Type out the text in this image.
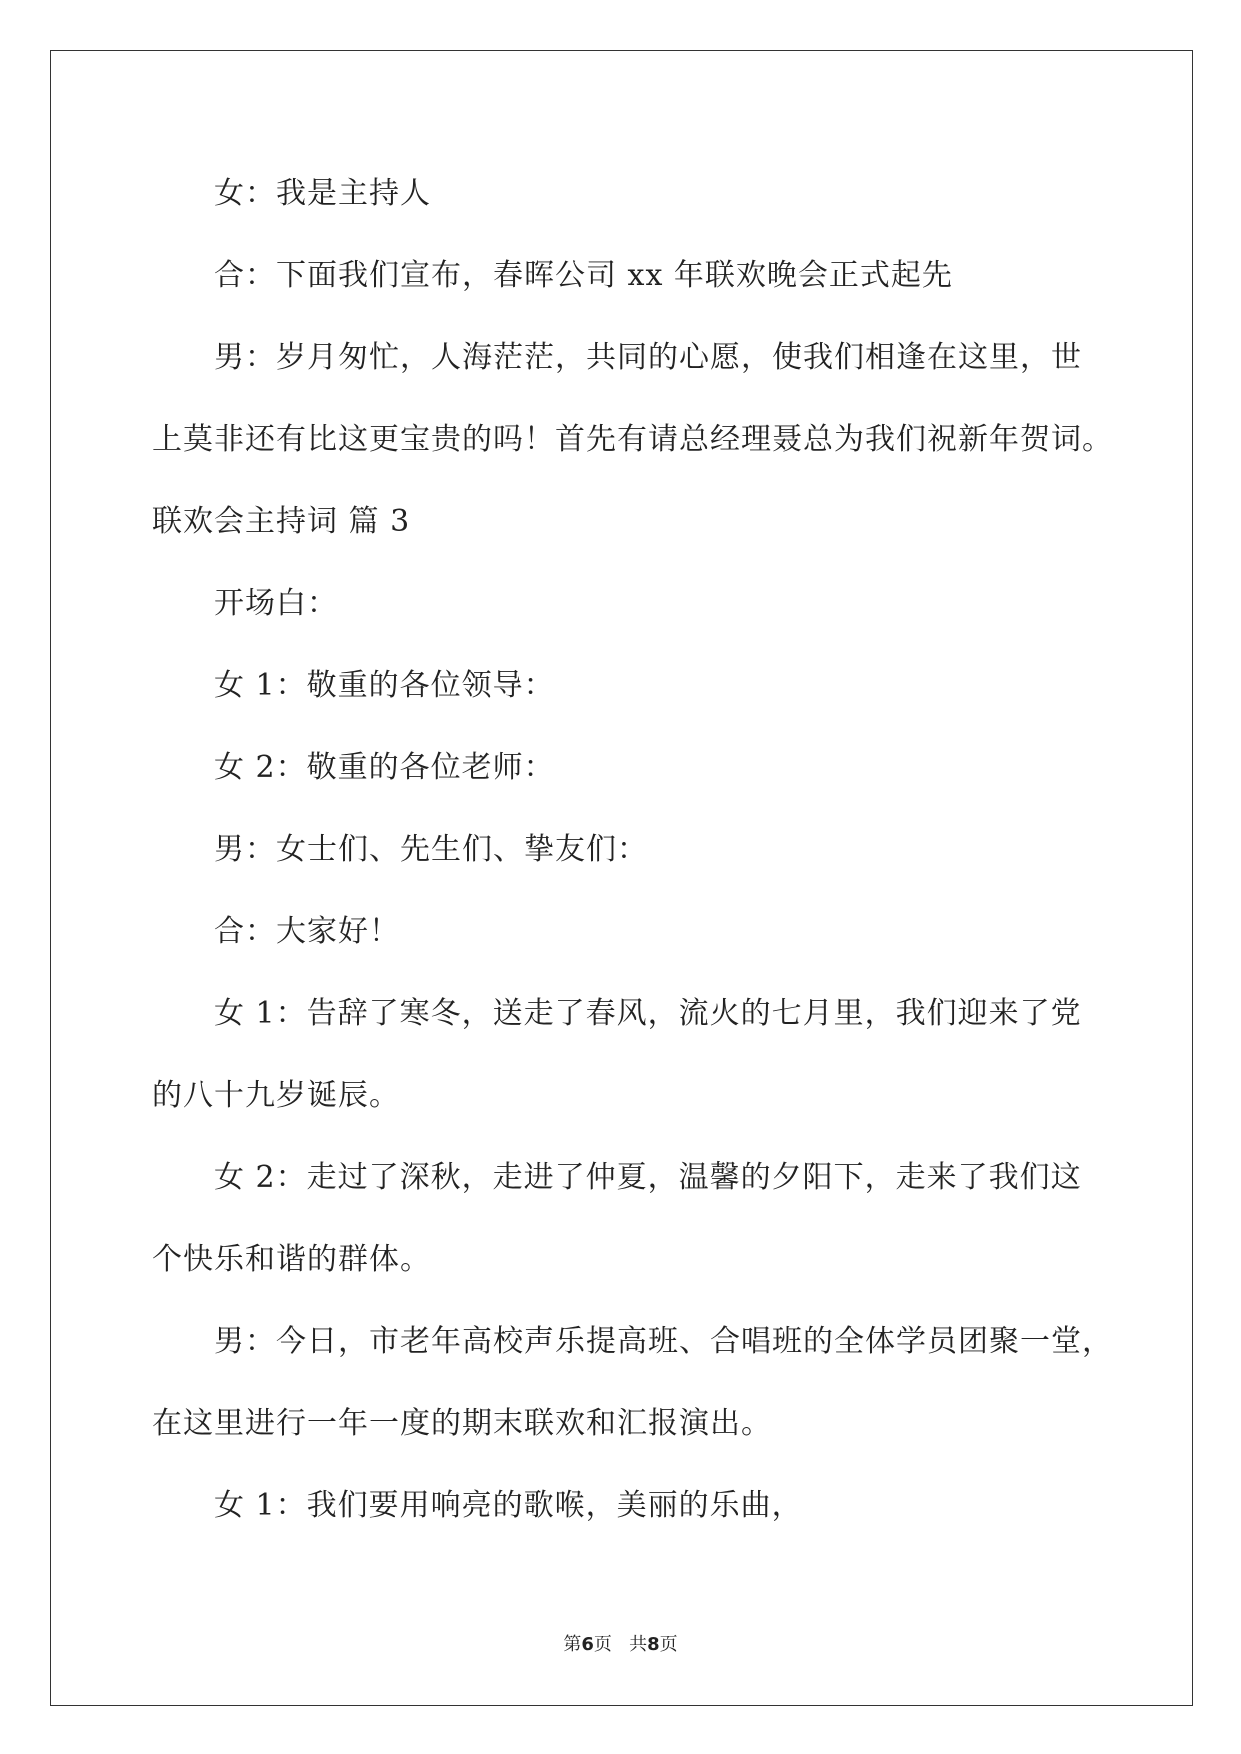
女：我是主持人
合：下面我们宣布，春晖公司 xx 年联欢晚会正式起先
男：岁月匆忙，人海茫茫，共同的心愿，使我们相逢在这里，世
上莫非还有比这更宝贵的吗！首先有请总经理聂总为我们祝新年贺词。
联欢会主持词 篇 3
开场白：
女 1：敬重的各位领导：
女 2：敬重的各位老师：
男：女士们、先生们、挚友们：
合：大家好！
女 1：告辞了寒冬，送走了春风，流火的七月里，我们迎来了党
的八十九岁诞辰。
女 2：走过了深秋，走进了仲夏，温馨的夕阳下，走来了我们这
个快乐和谐的群体。
男：今日，市老年高校声乐提高班、合唱班的全体学员团聚一堂，
在这里进行一年一度的期末联欢和汇报演出。
女 1：我们要用响亮的歌喉，美丽的乐曲，
第6页 共8页
